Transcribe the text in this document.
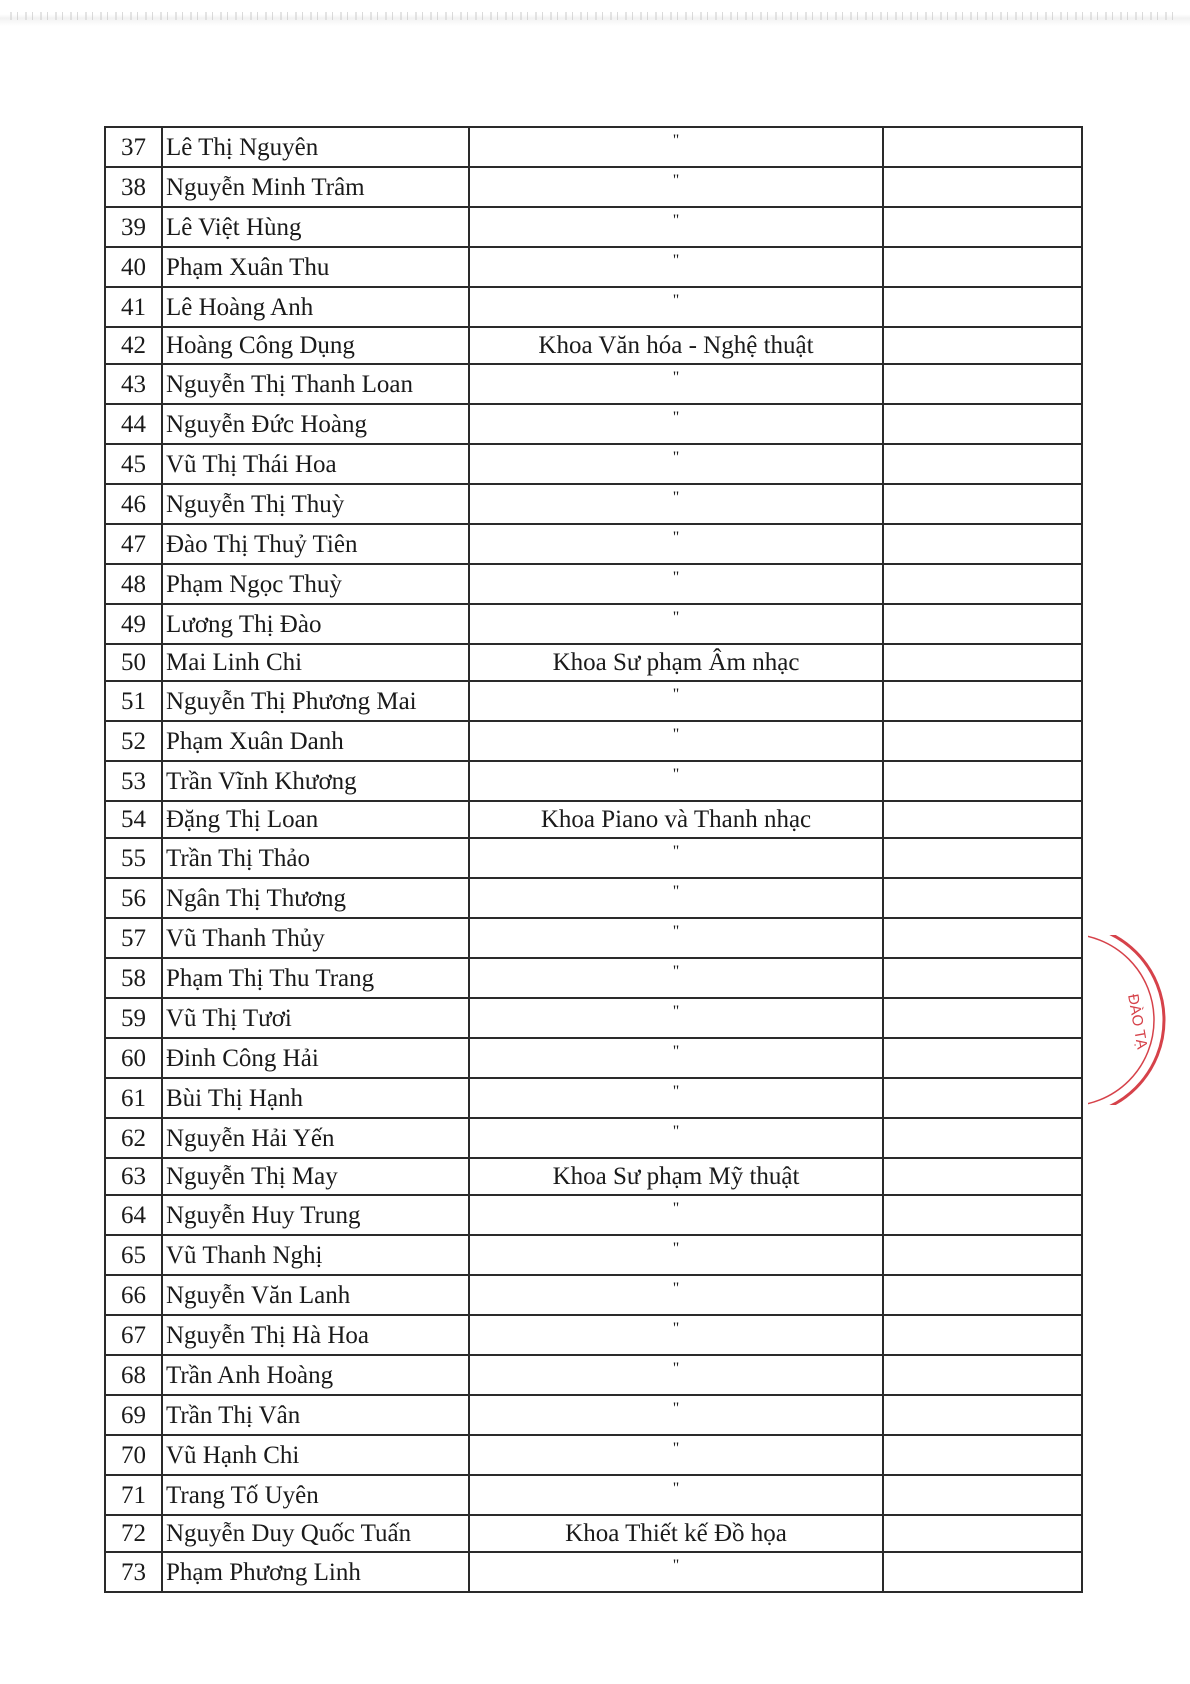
37	Lê Thị Nguyên	"	
38	Nguyễn Minh Trâm	"	
39	Lê Việt Hùng	"	
40	Phạm Xuân Thu	"	
41	Lê Hoàng Anh	"	
42	Hoàng Công Dụng	Khoa Văn hóa - Nghệ thuật	
43	Nguyễn Thị Thanh Loan	"	
44	Nguyễn Đức Hoàng	"	
45	Vũ Thị Thái Hoa	"	
46	Nguyễn Thị Thuỳ	"	
47	Đào Thị Thuỷ Tiên	"	
48	Phạm Ngọc Thuỳ	"	
49	Lương Thị Đào	"	
50	Mai Linh Chi	Khoa Sư phạm Âm nhạc	
51	Nguyễn Thị Phương Mai	"	
52	Phạm Xuân Danh	"	
53	Trần Vĩnh Khương	"	
54	Đặng Thị Loan	Khoa Piano và Thanh nhạc	
55	Trần Thị Thảo	"	
56	Ngân Thị Thương	"	
57	Vũ Thanh Thủy	"	
58	Phạm Thị Thu Trang	"	
59	Vũ Thị Tươi	"	
60	Đinh Công Hải	"	
61	Bùi Thị Hạnh	"	
62	Nguyễn Hải Yến	"	
63	Nguyễn Thị May	Khoa Sư phạm Mỹ thuật	
64	Nguyễn Huy Trung	"	
65	Vũ Thanh Nghị	"	
66	Nguyễn Văn Lanh	"	
67	Nguyễn Thị Hà Hoa	"	
68	Trần Anh Hoàng	"	
69	Trần Thị Vân	"	
70	Vũ Hạnh Chi	"	
71	Trang Tố Uyên	"	
72	Nguyễn Duy Quốc Tuấn	Khoa Thiết kế Đồ họa	
73	Phạm Phương Linh	"	
ĐÀO TẠ
